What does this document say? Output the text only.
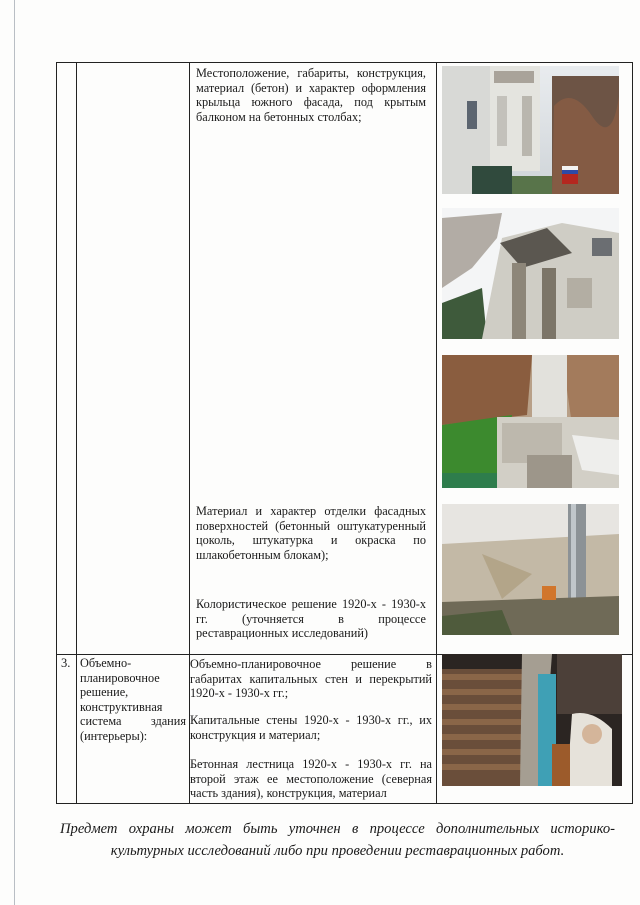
Местоположение, габариты, конструкция, материал (бетон) и характер оформления крыльца южного фасада, под крытым балконом на бетонных столбах;
Материал и характер отделки фасадных поверхностей (бетонный оштукатуренный цоколь, штукатурка и окраска по шлакобетонным блокам);
Колористическое решение 1920-х - 1930-х гг. (уточняется в процессе реставрационных исследований)
3. Объемно-планировочное решение, конструктивная система здания (интерьеры):
Объемно-планировочное решение в габаритах капитальных стен и перекрытий 1920-х - 1930-х гг.;
Капитальные стены 1920-х - 1930-х гг., их конструкция и материал;
Бетонная лестница 1920-х - 1930-х гг. на второй этаж ее местоположение (северная часть здания), конструкция, материал
Предмет охраны может быть уточнен в процессе дополнительных историко-культурных исследований либо при проведении реставрационных работ.
